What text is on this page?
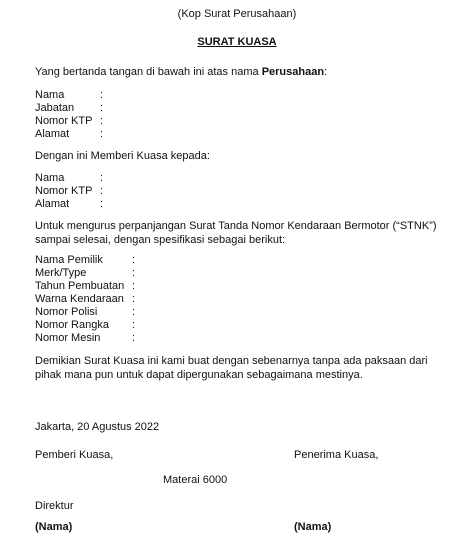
(Kop Surat Perusahaan)
SURAT KUASA
Yang bertanda tangan di bawah ini atas nama Perusahaan:
Nama	:
Jabatan :
Nomor KTP :
Alamat	:
Dengan ini Memberi Kuasa kepada:
Nama	:
Nomor KTP :
Alamat	:
Untuk mengurus perpanjangan Surat Tanda Nomor Kendaraan Bermotor (“STNK”) sampai selesai, dengan spesifikasi sebagai berikut:
Nama Pemilik	:
Merk/Type	:
Tahun Pembuatan :
Warna Kendaraan :
Nomor Polisi	:
Nomor Rangka :
Nomor Mesin	:
Demikian Surat Kuasa ini kami buat dengan sebenarnya tanpa ada paksaan dari pihak mana pun untuk dapat dipergunakan sebagaimana mestinya.
Jakarta, 20 Agustus 2022
Pemberi Kuasa,	Penerima Kuasa,
Materai 6000
Direktur
(Nama)	(Nama)
